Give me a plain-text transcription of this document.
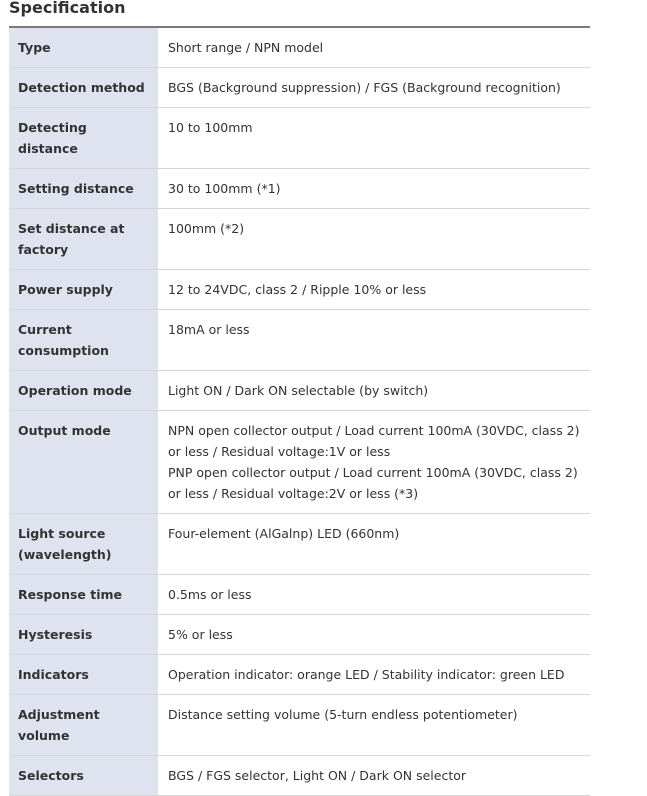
Specification
Type	Short range / NPN model

Detection method	BGS (Background suppression) / FGS (Background recognition)

Detecting distance	10 to 100mm

Setting distance	30 to 100mm (*1)

Set distance at factory	100mm (*2)

Power supply	12 to 24VDC, class 2 / Ripple 10% or less

Current consumption	18mA or less

Operation mode	Light ON / Dark ON selectable (by switch)

Output mode	NPN open collector output / Load current 100mA (30VDC, class 2) or less / Residual voltage:1V or less
PNP open collector output / Load current 100mA (30VDC, class 2) or less / Residual voltage:2V or less (*3)

Light source (wavelength)	Four-element (AlGalnp) LED (660nm)

Response time	0.5ms or less

Hysteresis	5% or less

Indicators	Operation indicator: orange LED / Stability indicator: green LED

Adjustment volume	Distance setting volume (5-turn endless potentiometer)

Selectors	BGS / FGS selector, Light ON / Dark ON selector
